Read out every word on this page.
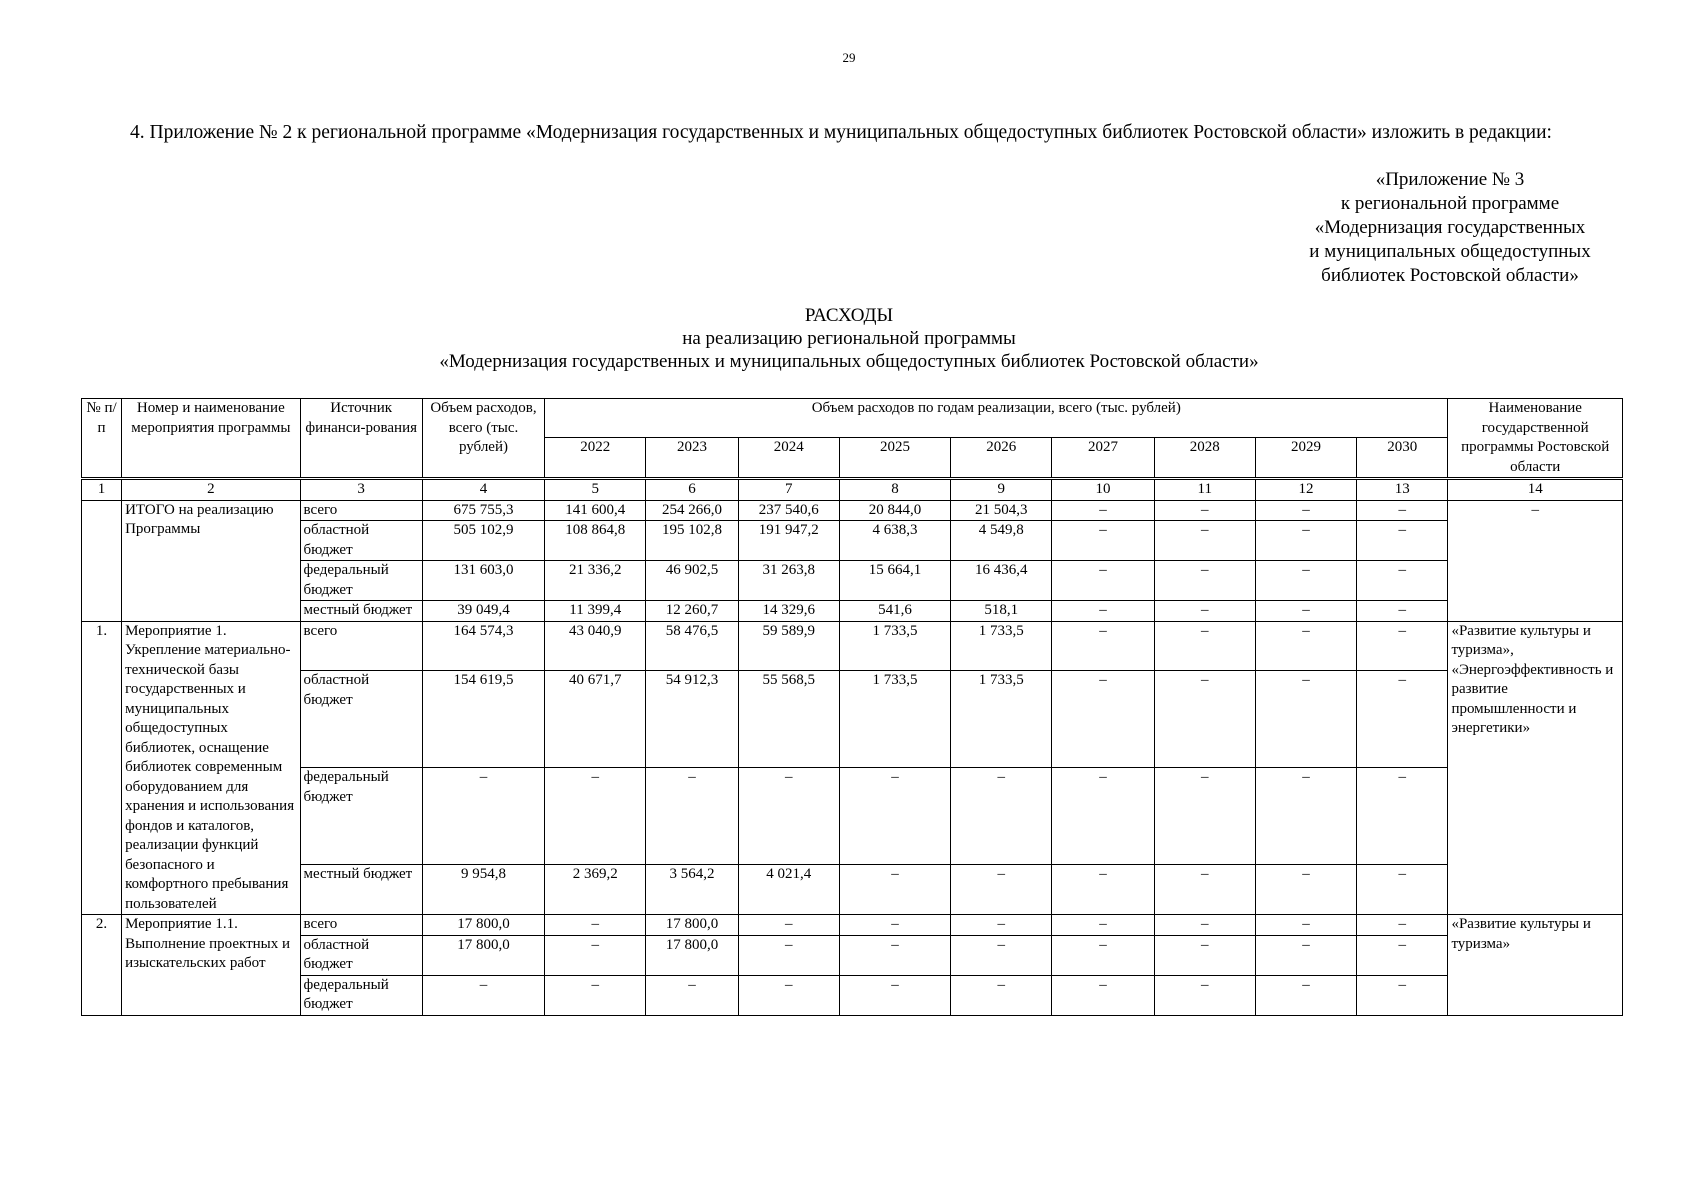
29
4. Приложение № 2 к региональной программе «Модернизация государственных и муниципальных общедоступных библиотек Ростовской области» изложить в редакции:
«Приложение № 3
к региональной программе
«Модернизация государственных
и муниципальных общедоступных
библиотек Ростовской области»
РАСХОДЫ
на реализацию региональной программы
«Модернизация государственных и муниципальных общедоступных библиотек Ростовской области»
№ п/п	Номер и наименование мероприятия программы	Источник финанси-рования	Объем расходов, всего (тыс. рублей)	Объем расходов по годам реализации, всего (тыс. рублей)									Наименование государственной программы Ростовской области
				2022	2023	2024	2025	2026	2027	2028	2029	2030	
1	2	3	4	5	6	7	8	9	10	11	12	13	14
	ИТОГО на реализацию Программы	всего	675 755,3	141 600,4	254 266,0	237 540,6	20 844,0	21 504,3	–	–	–	–	–
		областной бюджет	505 102,9	108 864,8	195 102,8	191 947,2	4 638,3	4 549,8	–	–	–	–	
		федеральный бюджет	131 603,0	21 336,2	46 902,5	31 263,8	15 664,1	16 436,4	–	–	–	–	
		местный бюджет	39 049,4	11 399,4	12 260,7	14 329,6	541,6	518,1	–	–	–	–	
1.	Мероприятие 1. Укрепление материально-технической базы государственных и муниципальных общедоступных библиотек, оснащение библиотек современным оборудованием для хранения и использования фондов и каталогов, реализации функций безопасного и комфортного пребывания пользователей	всего	164 574,3	43 040,9	58 476,5	59 589,9	1 733,5	1 733,5	–	–	–	–	«Развитие культуры и туризма», «Энергоэффективность и развитие промышленности и энергетики»
		областной бюджет	154 619,5	40 671,7	54 912,3	55 568,5	1 733,5	1 733,5	–	–	–	–	
		федеральный бюджет	–	–	–	–	–	–	–	–	–	–	
		местный бюджет	9 954,8	2 369,2	3 564,2	4 021,4	–	–	–	–	–	–	
2.	Мероприятие 1.1. Выполнение проектных и изыскательских работ	всего	17 800,0	–	17 800,0	–	–	–	–	–	–	–	«Развитие культуры и туризма»
		областной бюджет	17 800,0	–	17 800,0	–	–	–	–	–	–	–	
		федеральный бюджет	–	–	–	–	–	–	–	–	–	–	
